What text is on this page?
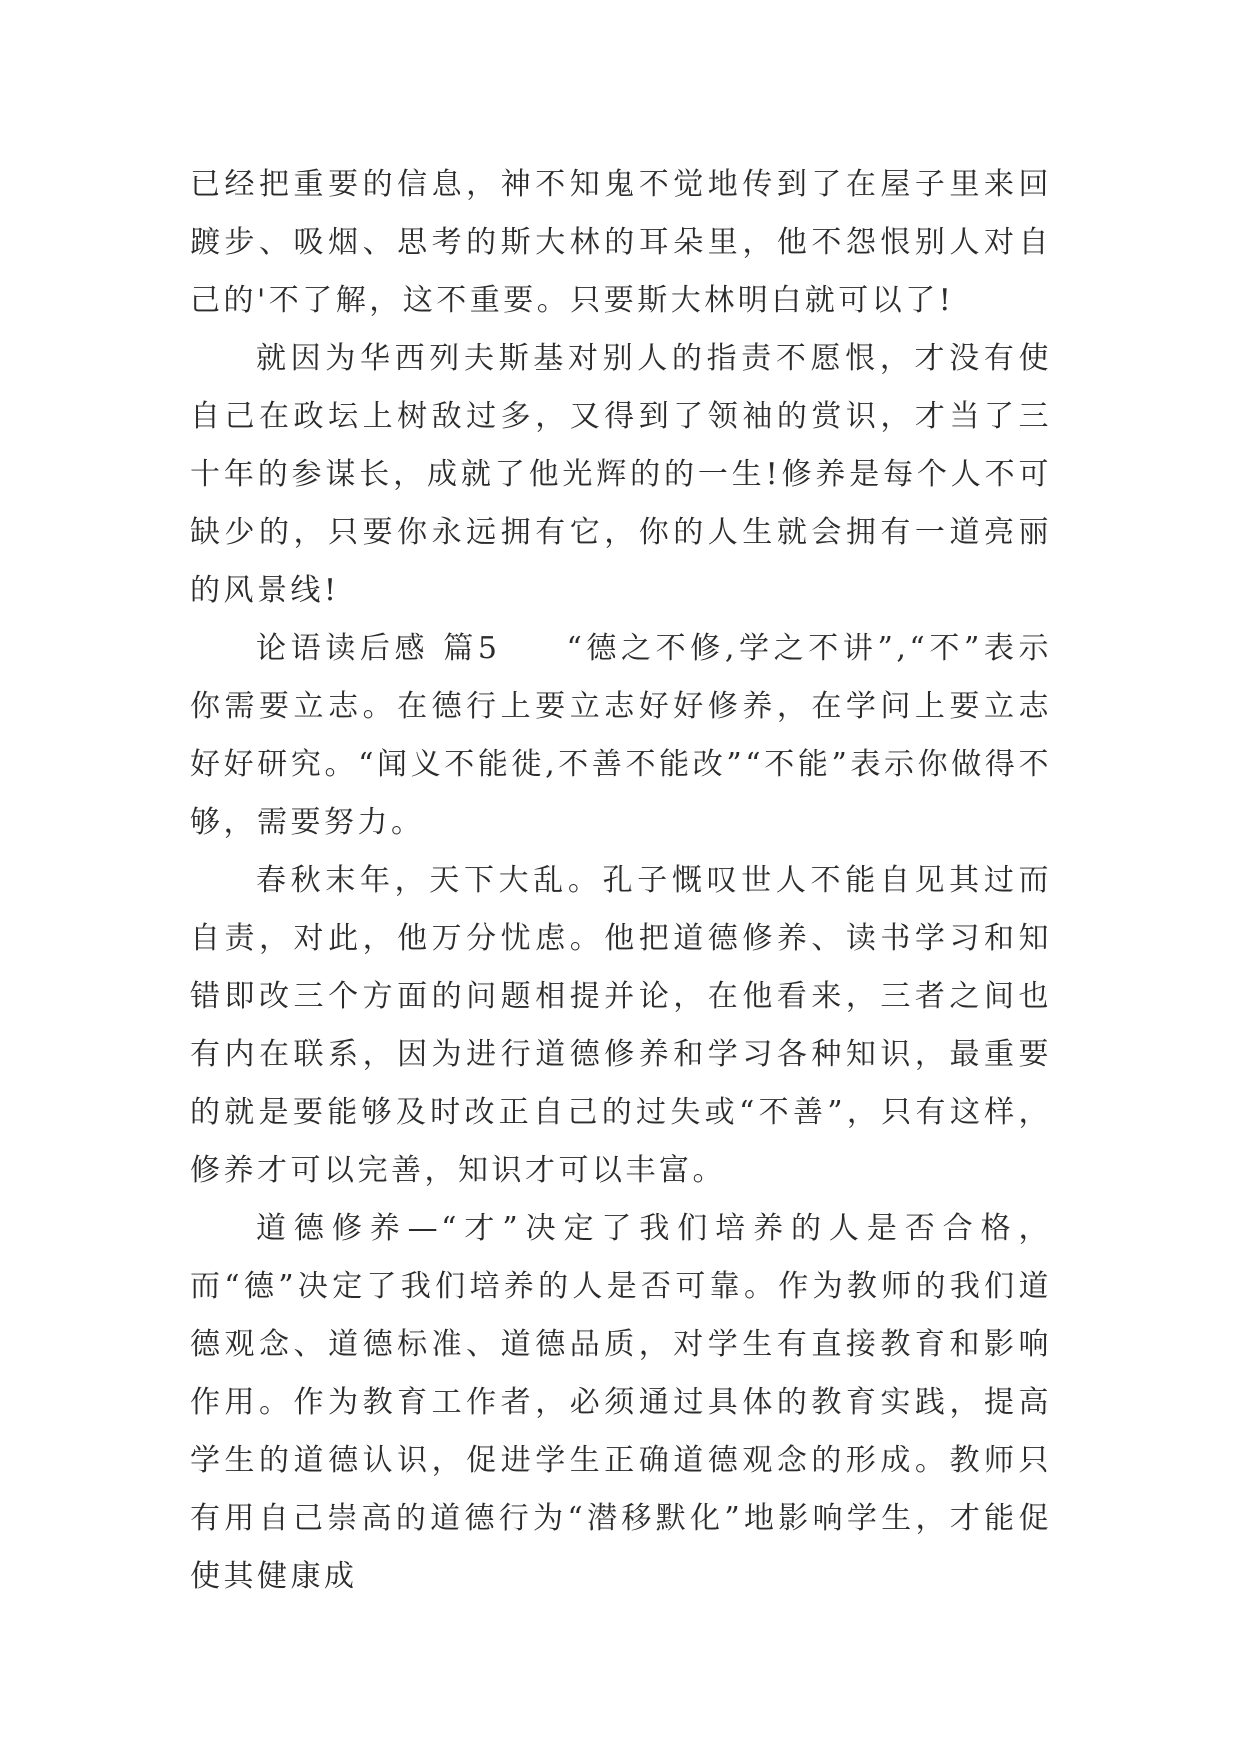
已经把重要的信息，神不知鬼不觉地传到了在屋子里来回踱步、吸烟、思考的斯大林的耳朵里，他不怨恨别人对自己的'不了解，这不重要。只要斯大林明白就可以了!

就因为华西列夫斯基对别人的指责不愿恨，才没有使自己在政坛上树敌过多，又得到了领袖的赏识，才当了三十年的参谋长，成就了他光辉的的一生!修养是每个人不可缺少的，只要你永远拥有它，你的人生就会拥有一道亮丽的风景线!

论语读后感 篇5 “德之不修,学之不讲”,“不”表示你需要立志。在德行上要立志好好修养，在学问上要立志好好研究。“闻义不能徙,不善不能改”“不能”表示你做得不够，需要努力。

春秋末年，天下大乱。孔子慨叹世人不能自见其过而自责，对此，他万分忧虑。他把道德修养、读书学习和知错即改三个方面的问题相提并论，在他看来，三者之间也有内在联系，因为进行道德修养和学习各种知识，最重要的就是要能够及时改正自己的过失或“不善”，只有这样，修养才可以完善，知识才可以丰富。

道德修养—“才”决定了我们培养的人是否合格，而“德”决定了我们培养的人是否可靠。作为教师的我们道德观念、道德标准、道德品质，对学生有直接教育和影响作用。作为教育工作者，必须通过具体的教育实践，提高学生的道德认识，促进学生正确道德观念的形成。教师只有用自己崇高的道德行为“潜移默化”地影响学生，才能促使其健康成
